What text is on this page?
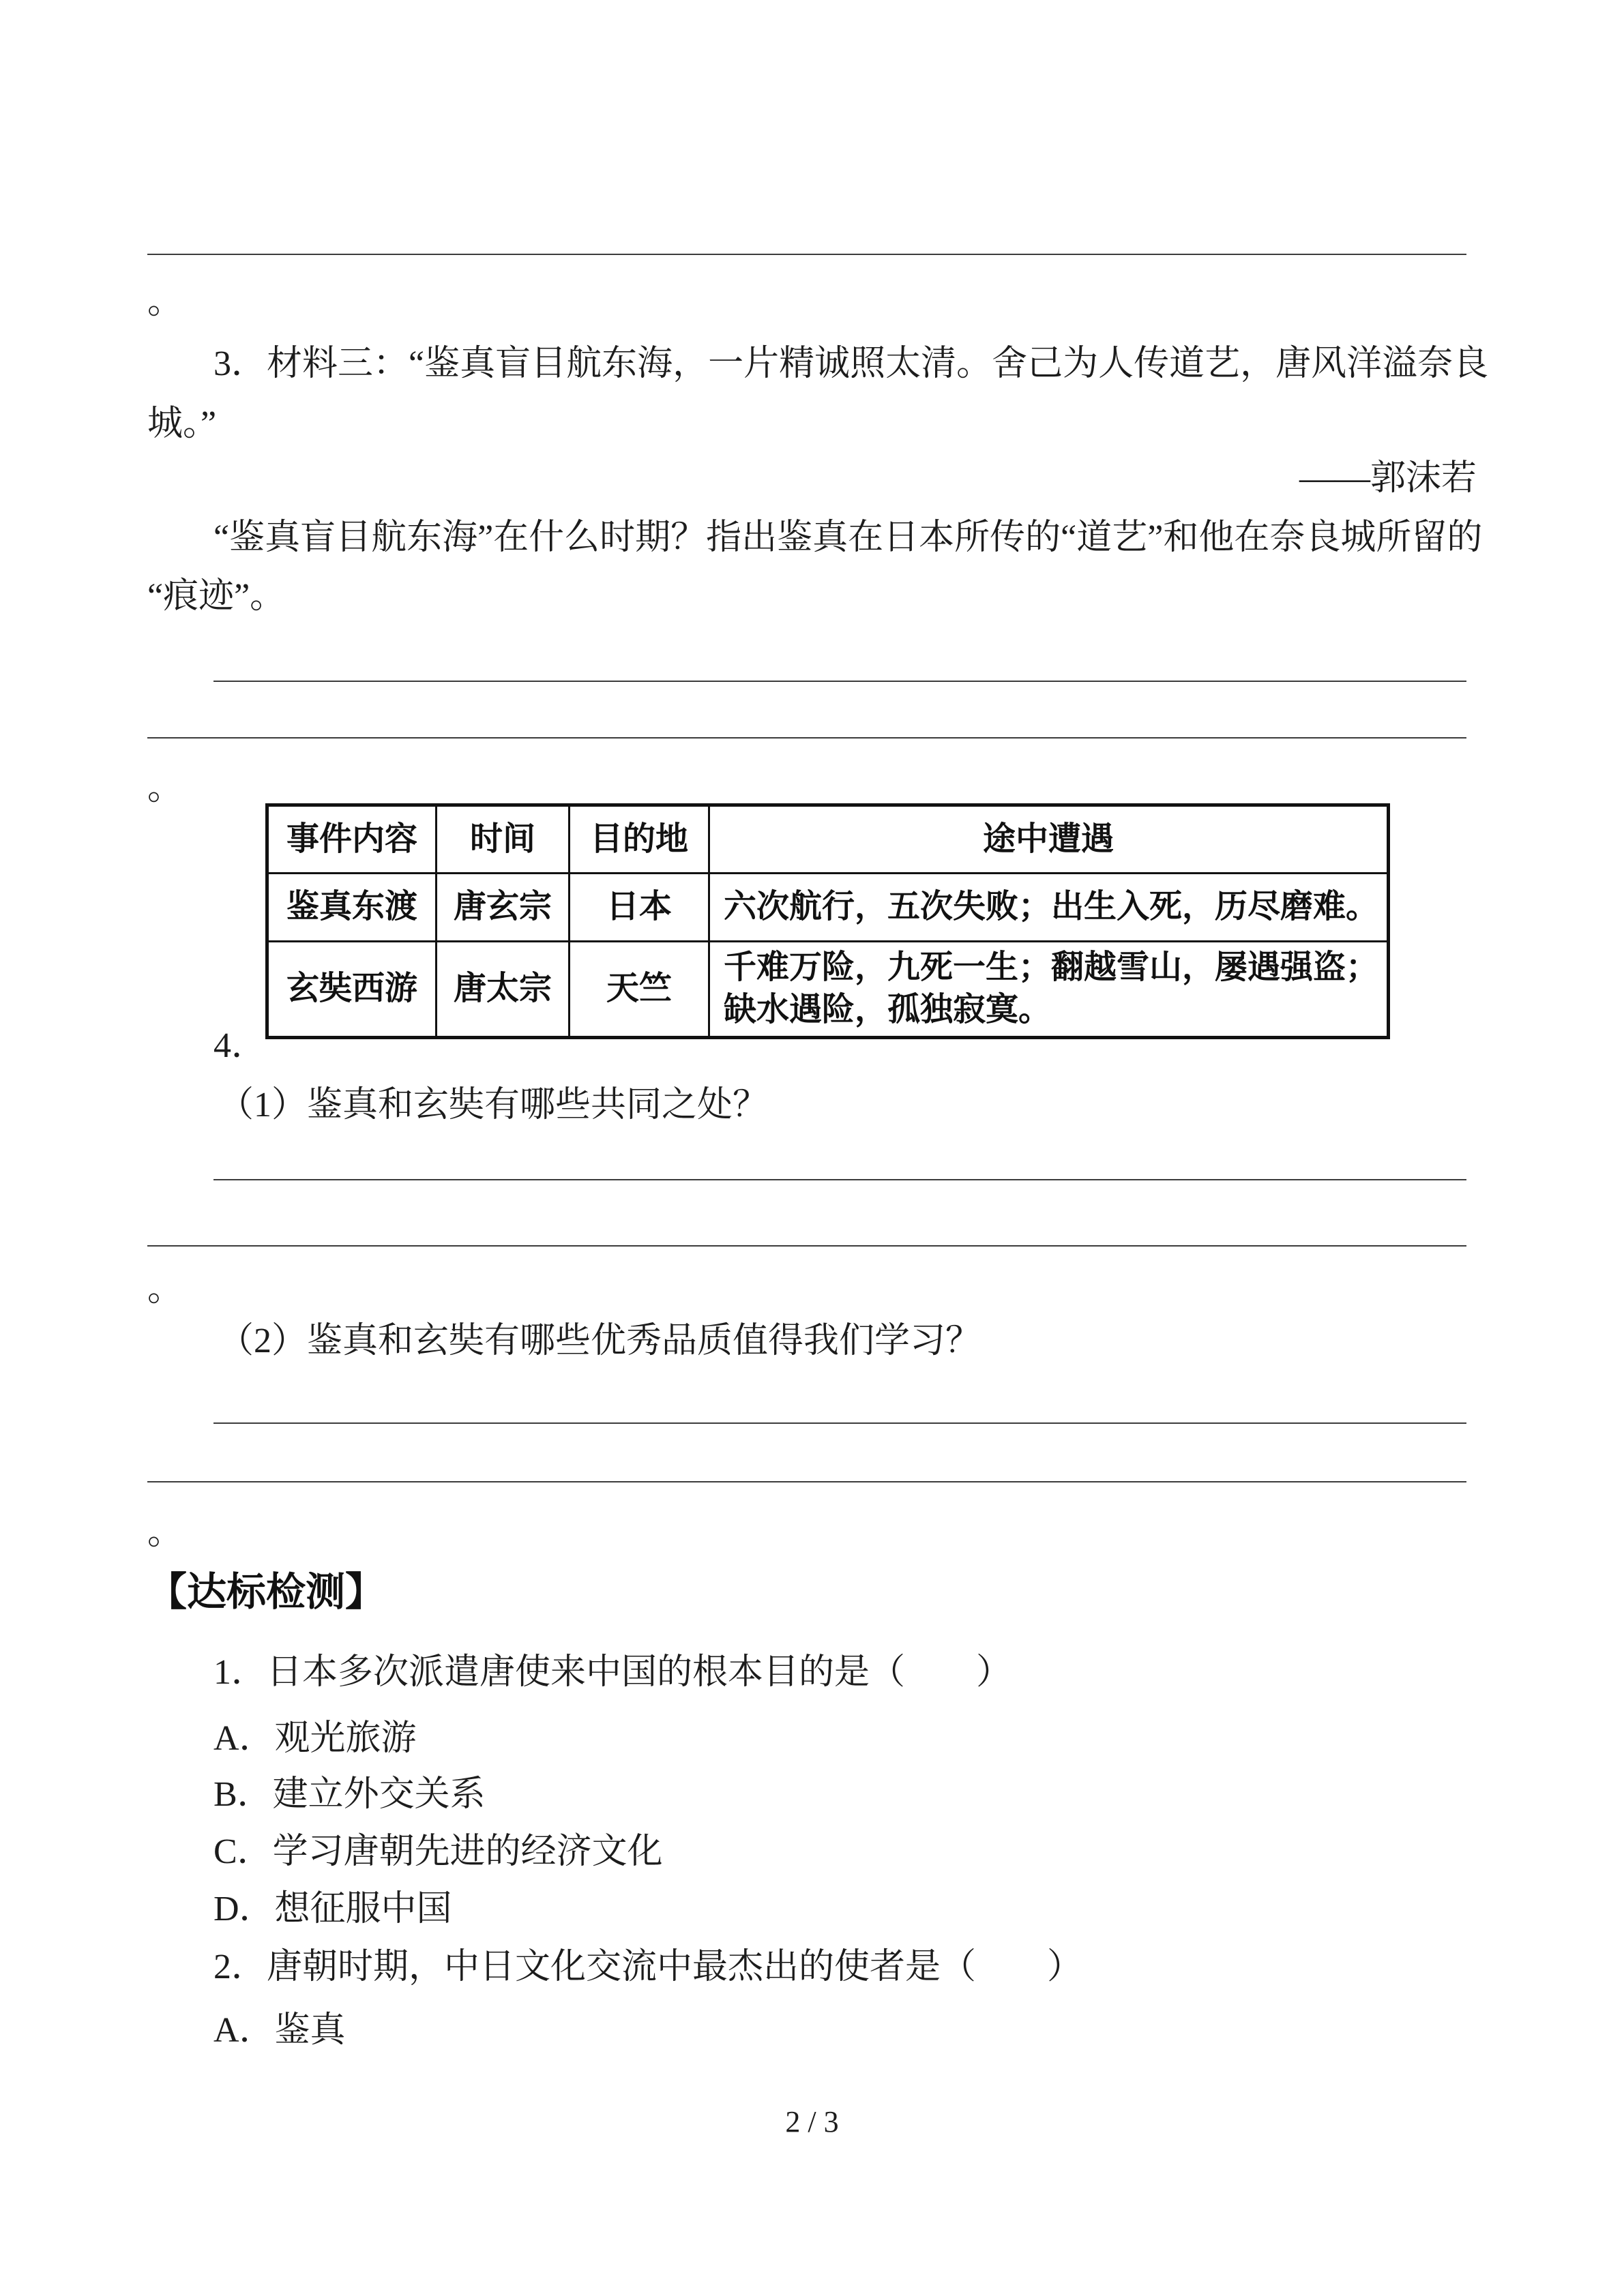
。
3．材料三：“鉴真盲目航东海，一片精诚照太清。舍己为人传道艺，唐风洋溢奈良
城。”
——郭沫若
“鉴真盲目航东海”在什么时期？指出鉴真在日本所传的“道艺”和他在奈良城所留的
“痕迹”。
。
事件内容	时间	目的地	途中遭遇
鉴真东渡	唐玄宗	日本	六次航行，五次失败；出生入死，历尽磨难。
玄奘西游	唐太宗	天竺	千难万险，九死一生；翻越雪山，屡遇强盗；缺水遇险，孤独寂寞。
4．
（1）鉴真和玄奘有哪些共同之处？
。
（2）鉴真和玄奘有哪些优秀品质值得我们学习？
。
【达标检测】
1．日本多次派遣唐使来中国的根本目的是（　　）
A．观光旅游
B．建立外交关系
C．学习唐朝先进的经济文化
D．想征服中国
2．唐朝时期，中日文化交流中最杰出的使者是（　　）
A．鉴真
2 / 3
